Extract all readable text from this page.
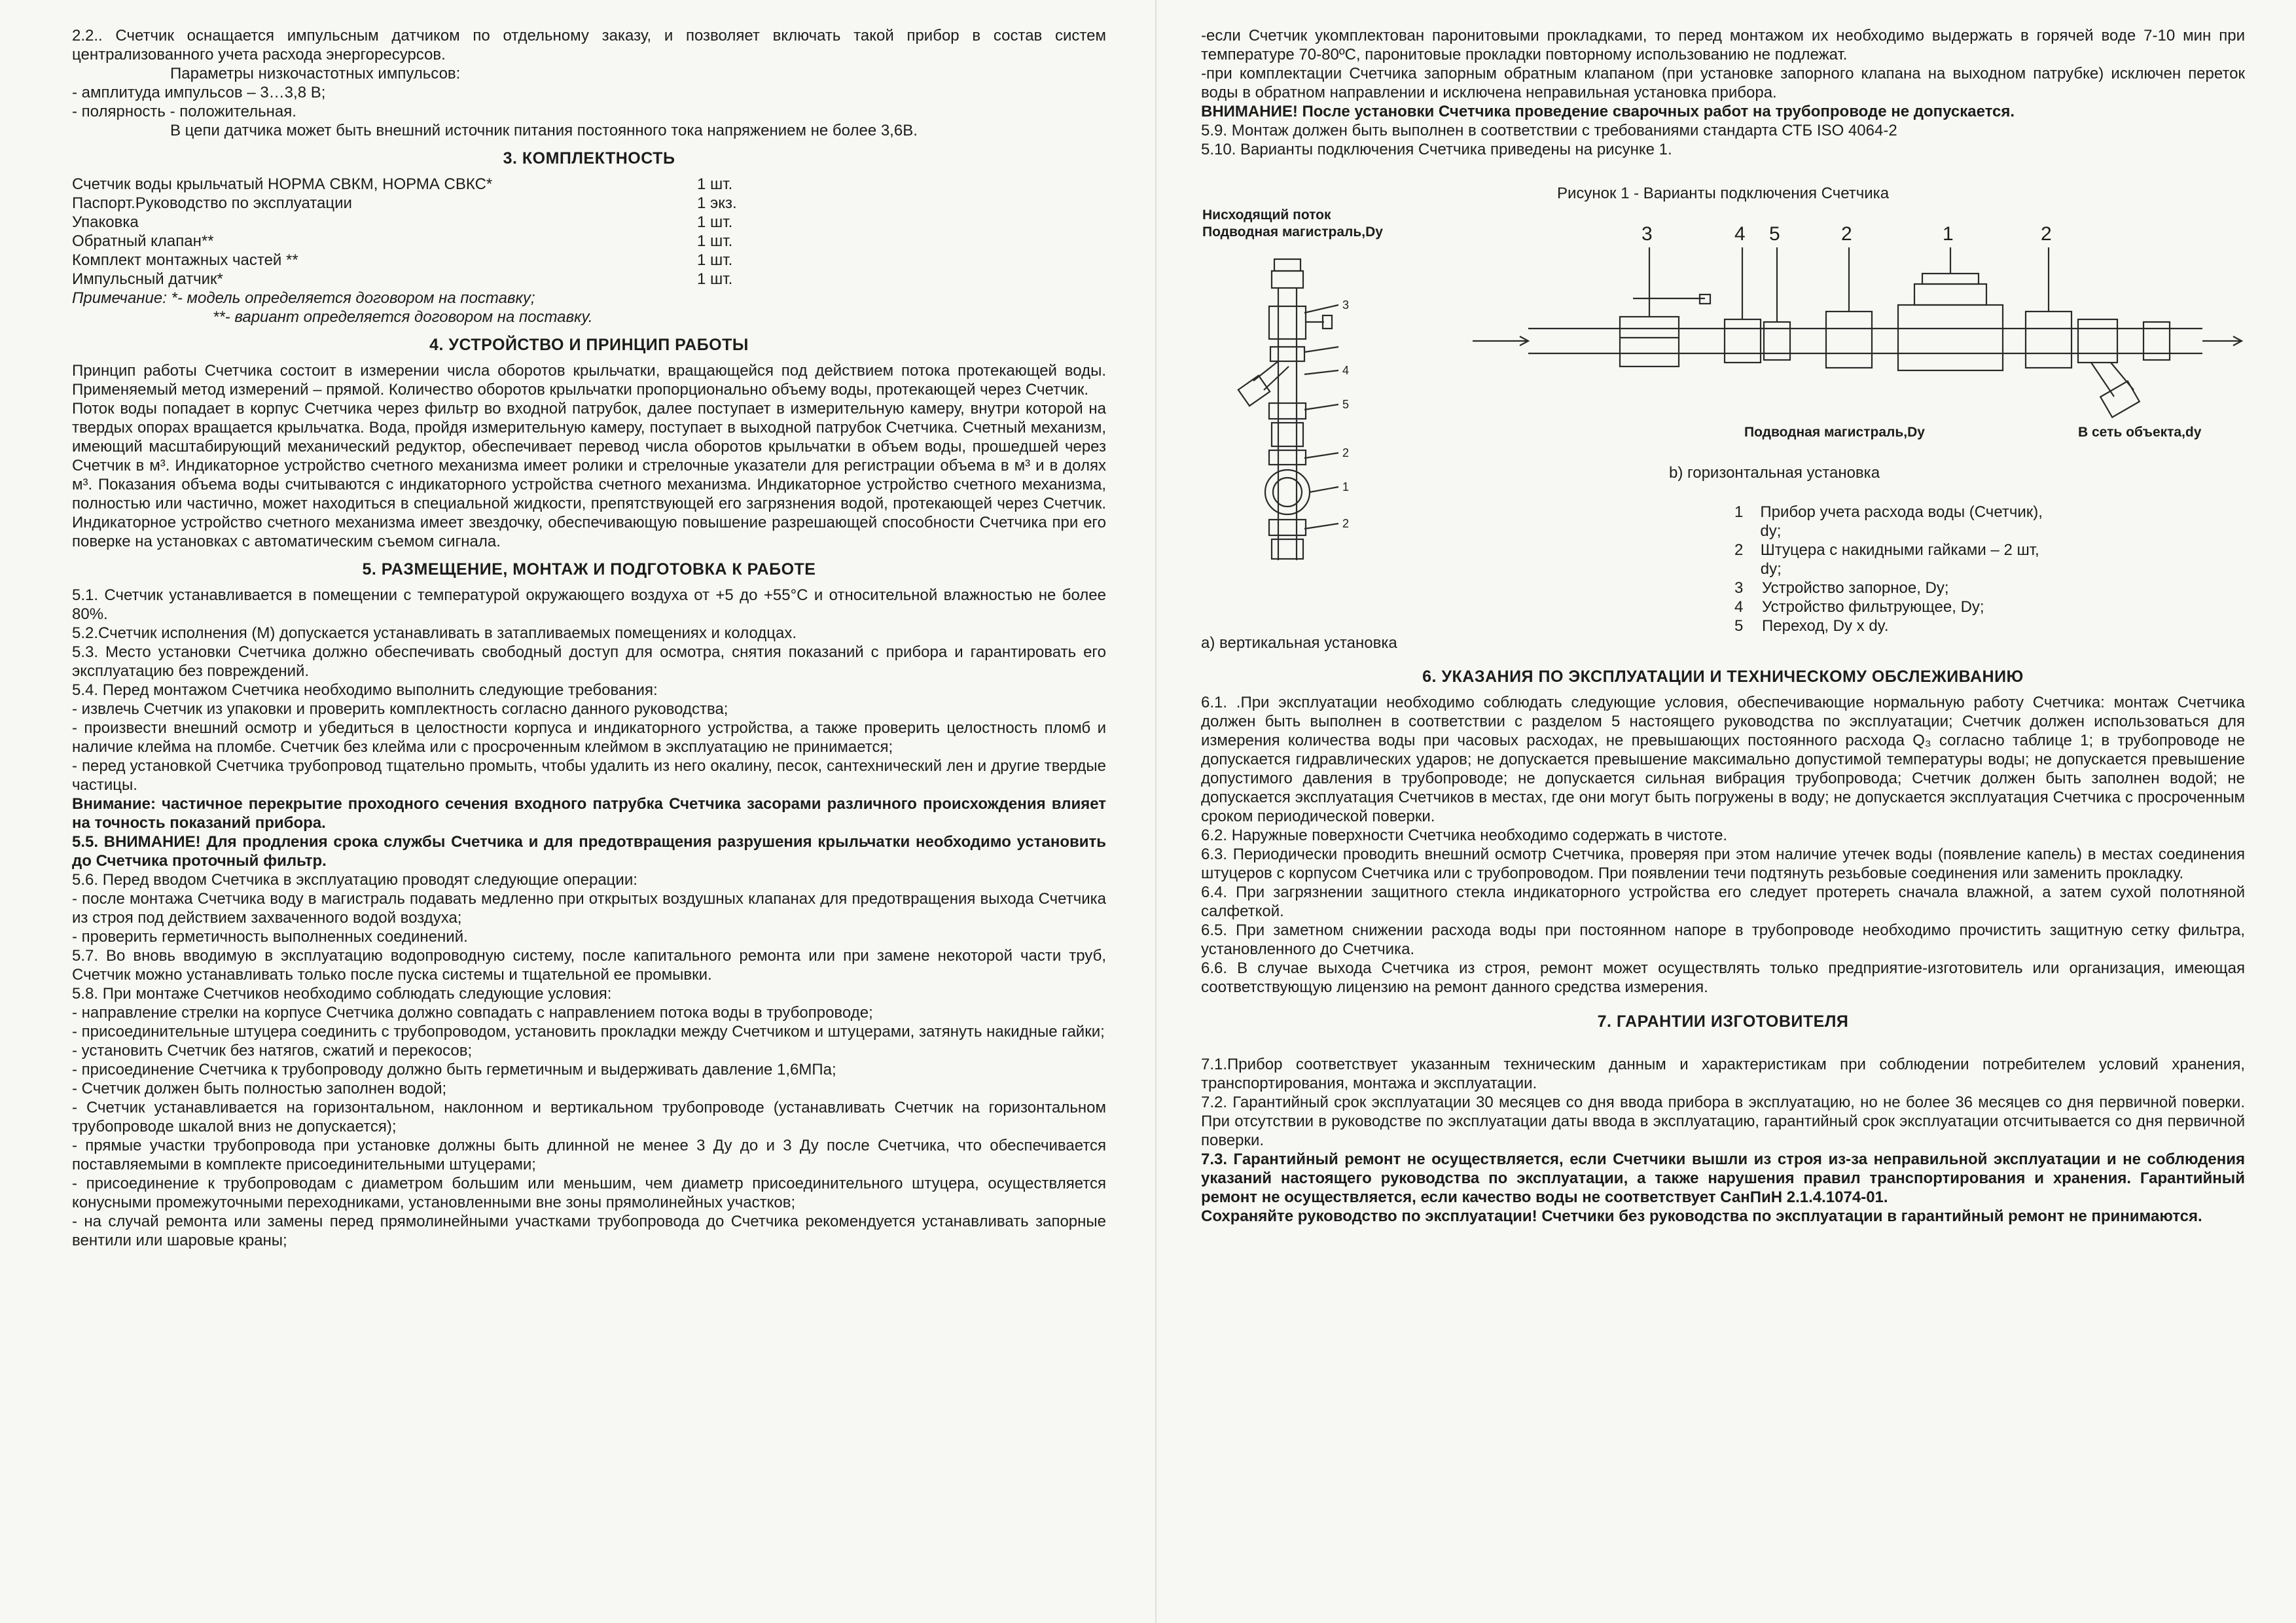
2.2.. Счетчик оснащается импульсным датчиком по отдельному заказу, и позволяет включать такой прибор в состав систем централизованного учета расхода энергоресурсов.

Параметры низкочастотных импульсов:

- амплитуда импульсов – 3…3,8 В;

- полярность - положительная.

В цепи датчика может быть внешний источник питания постоянного тока напряжением не более 3,6В.

3. КОМПЛЕКТНОСТЬ
Счетчик воды крыльчатый НОРМА СВКМ, НОРМА СВКС*	1 шт.
Паспорт.Руководство по эксплуатации	1 экз.
Упаковка	1 шт.
Обратный клапан**	1 шт.
Комплект монтажных частей **	1 шт.
Импульсный датчик*	1 шт.

Примечание: *- модель определяется договором на поставку;

**- вариант определяется договором на поставку.

4. УСТРОЙСТВО И ПРИНЦИП РАБОТЫ

Принцип работы Счетчика состоит в измерении числа оборотов крыльчатки, вращающейся под действием потока протекающей воды. Применяемый метод измерений – прямой. Количество оборотов крыльчатки пропорционально объему воды, протекающей через Счетчик.

Поток воды попадает в корпус Счетчика через фильтр во входной патрубок, далее поступает в измерительную камеру, внутри которой на твердых опорах вращается крыльчатка. Вода, пройдя измерительную камеру, поступает в выходной патрубок Счетчика. Счетный механизм, имеющий масштабирующий механический редуктор, обеспечивает перевод числа оборотов крыльчатки в объем воды, прошедшей через Счетчик в м³. Индикаторное устройство счетного механизма имеет ролики и стрелочные указатели для регистрации объема в м³ и в долях м³. Показания объема воды считываются с индикаторного устройства счетного механизма. Индикаторное устройство счетного механизма, полностью или частично, может находиться в специальной жидкости, препятствующей его загрязнения водой, протекающей через Счетчик. Индикаторное устройство счетного механизма имеет звездочку, обеспечивающую повышение разрешающей способности Счетчика при его поверке на установках с автоматическим съемом сигнала.

5. РАЗМЕЩЕНИЕ, МОНТАЖ И ПОДГОТОВКА К РАБОТЕ

5.1. Счетчик устанавливается в помещении с температурой окружающего воздуха от +5 до +55°С и относительной влажностью не более 80%.

5.2.Счетчик исполнения (М) допускается устанавливать в затапливаемых помещениях и колодцах.

5.3. Место установки Счетчика должно обеспечивать свободный доступ для осмотра, снятия показаний с прибора и гарантировать его эксплуатацию без повреждений.

5.4. Перед монтажом Счетчика необходимо выполнить следующие требования:

- извлечь Счетчик из упаковки и проверить комплектность согласно данного руководства;

- произвести внешний осмотр и убедиться в целостности корпуса и индикаторного устройства, а также проверить целостность пломб и наличие клейма на пломбе. Счетчик без клейма или с просроченным клеймом в эксплуатацию не принимается;

- перед установкой Счетчика трубопровод тщательно промыть, чтобы удалить из него окалину, песок, сантехнический лен и другие твердые частицы.

Внимание: частичное перекрытие проходного сечения входного патрубка Счетчика засорами различного происхождения влияет на точность показаний прибора.

5.5. ВНИМАНИЕ! Для продления срока службы Счетчика и для предотвращения разрушения крыльчатки необходимо установить до Счетчика проточный фильтр.

5.6. Перед вводом Счетчика в эксплуатацию проводят следующие операции:

- после монтажа Счетчика воду в магистраль подавать медленно при открытых воздушных клапанах для предотвращения выхода Счетчика из строя под действием захваченного водой воздуха;

- проверить герметичность выполненных соединений.

5.7. Во вновь вводимую в эксплуатацию водопроводную систему, после капитального ремонта или при замене некоторой части труб, Счетчик можно устанавливать только после пуска системы и тщательной ее промывки.

5.8. При монтаже Счетчиков необходимо соблюдать следующие условия:

- направление стрелки на корпусе Счетчика должно совпадать с направлением потока воды в трубопроводе;

- присоединительные штуцера соединить с трубопроводом, установить прокладки между Счетчиком и штуцерами, затянуть накидные гайки;

- установить Счетчик без натягов, сжатий и перекосов;

- присоединение Счетчика к трубопроводу должно быть герметичным и выдерживать давление 1,6МПа;

- Счетчик должен быть полностью заполнен водой;

- Счетчик устанавливается на горизонтальном, наклонном и вертикальном трубопроводе (устанавливать Счетчик на горизонтальном трубопроводе шкалой вниз не допускается);

- прямые участки трубопровода при установке должны быть длинной не менее 3 Ду до и 3 Ду после Счетчика, что обеспечивается поставляемыми в комплекте присоединительными штуцерами;

- присоединение к трубопроводам с диаметром большим или меньшим, чем диаметр присоединительного штуцера, осуществляется конусными промежуточными переходниками, установленными вне зоны прямолинейных участков;

- на случай ремонта или замены перед прямолинейными участками трубопровода до Счетчика рекомендуется устанавливать запорные вентили или шаровые краны;

-если Счетчик укомплектован паронитовыми прокладками, то перед монтажом их необходимо выдержать в горячей воде 7-10 мин при температуре 70-80ºС, паронитовые прокладки повторному использованию не подлежат.

-при комплектации Счетчика запорным обратным клапаном (при установке запорного клапана на выходном патрубке) исключен переток воды в обратном направлении и исключена неправильная установка прибора.

ВНИМАНИЕ! После установки Счетчика проведение сварочных работ на трубопроводе не допускается.

5.9. Монтаж должен быть выполнен в соответствии с требованиями стандарта СТБ ISO 4064-2

5.10. Варианты подключения Счетчика приведены на рисунке 1.

Рисунок 1 - Варианты подключения Счетчика

Нисходящий поток
Подводная магистраль,Dy
3
4
5
2
1
2
3	4 5	2	1	2
Подводная магистраль,Dy	В сеть объекта,dy
b) горизонтальная установка
1	Прибор учета расхода воды (Счетчик), dy;
2	Штуцера с накидными гайками – 2 шт, dy;
3	Устройство запорное, Dy;
4	Устройство фильтрующее, Dy;
5	Переход, Dy x dy.
а) вертикальная установка
6. УКАЗАНИЯ ПО ЭКСПЛУАТАЦИИ И ТЕХНИЧЕСКОМУ ОБСЛЕЖИВАНИЮ

6.1. .При эксплуатации необходимо соблюдать следующие условия, обеспечивающие нормальную работу Счетчика: монтаж Счетчика должен быть выполнен в соответствии с разделом 5 настоящего руководства по эксплуатации; Счетчик должен использоваться для измерения количества воды при часовых расходах, не превышающих постоянного расхода Q₃ согласно таблице 1; в трубопроводе не допускается гидравлических ударов; не допускается превышение максимально допустимой температуры воды; не допускается превышение допустимого давления в трубопроводе; не допускается сильная вибрация трубопровода; Счетчик должен быть заполнен водой; не допускается эксплуатация Счетчиков в местах, где они могут быть погружены в воду; не допускается эксплуатация Счетчика с просроченным сроком периодической поверки.

6.2. Наружные поверхности Счетчика необходимо содержать в чистоте.

6.3. Периодически проводить внешний осмотр Счетчика, проверяя при этом наличие утечек воды (появление капель) в местах соединения штуцеров с корпусом Счетчика или с трубопроводом. При появлении течи подтянуть резьбовые соединения или заменить прокладку.

6.4. При загрязнении защитного стекла индикаторного устройства его следует протереть сначала влажной, а затем сухой полотняной салфеткой.

6.5. При заметном снижении расхода воды при постоянном напоре в трубопроводе необходимо прочистить защитную сетку фильтра, установленного до Счетчика.

6.6. В случае выхода Счетчика из строя, ремонт может осуществлять только предприятие-изготовитель или организация, имеющая соответствующую лицензию на ремонт данного средства измерения.

7. ГАРАНТИИ ИЗГОТОВИТЕЛЯ

7.1.Прибор соответствует указанным техническим данным и характеристикам при соблюдении потребителем условий хранения, транспортирования, монтажа и эксплуатации.

7.2. Гарантийный срок эксплуатации 30 месяцев со дня ввода прибора в эксплуатацию, но не более 36 месяцев со дня первичной поверки. При отсутствии в руководстве по эксплуатации даты ввода в эксплуатацию, гарантийный срок эксплуатации отсчитывается со дня первичной поверки.

7.3. Гарантийный ремонт не осуществляется, если Счетчики вышли из строя из-за неправильной эксплуатации и не соблюдения указаний настоящего руководства по эксплуатации, а также нарушения правил транспортирования и хранения. Гарантийный ремонт не осуществляется, если качество воды не соответствует СанПиН 2.1.4.1074-01.

Сохраняйте руководство по эксплуатации! Счетчики без руководства по эксплуатации в гарантийный ремонт не принимаются.
